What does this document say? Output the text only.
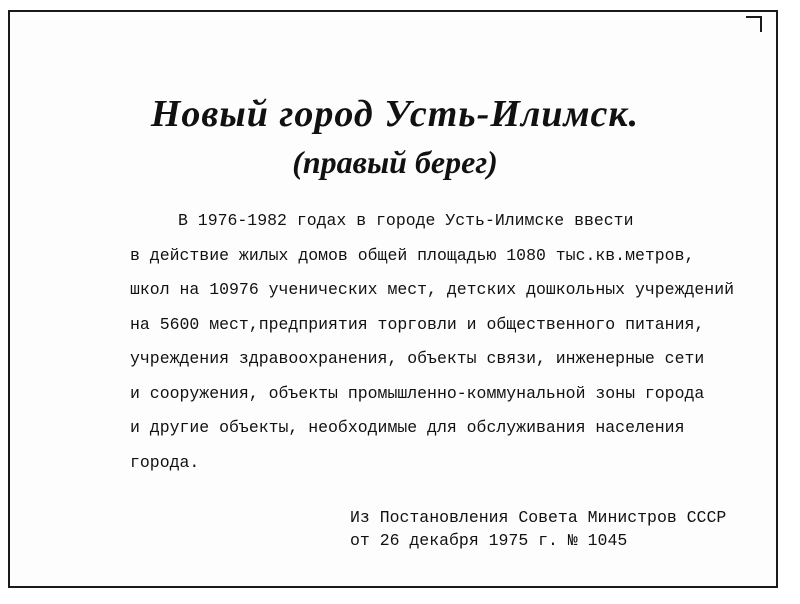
Новый город Усть-Илимск.
(правый берег)
В 1976-1982 годах в городе Усть-Илимске ввести
в действие жилых домов общей площадью 1080 тыс.кв.метров,
школ на 10976 ученических мест, детских дошкольных учреждений
на 5600 мест,предприятия торговли и общественного питания,
учреждения здравоохранения, объекты связи, инженерные сети
и сооружения, объекты промышленно-коммунальной зоны города
и другие объекты, необходимые для обслуживания населения
города.
Из Постановления Совета Министров СССР
от 26 декабря 1975 г. № 1045
